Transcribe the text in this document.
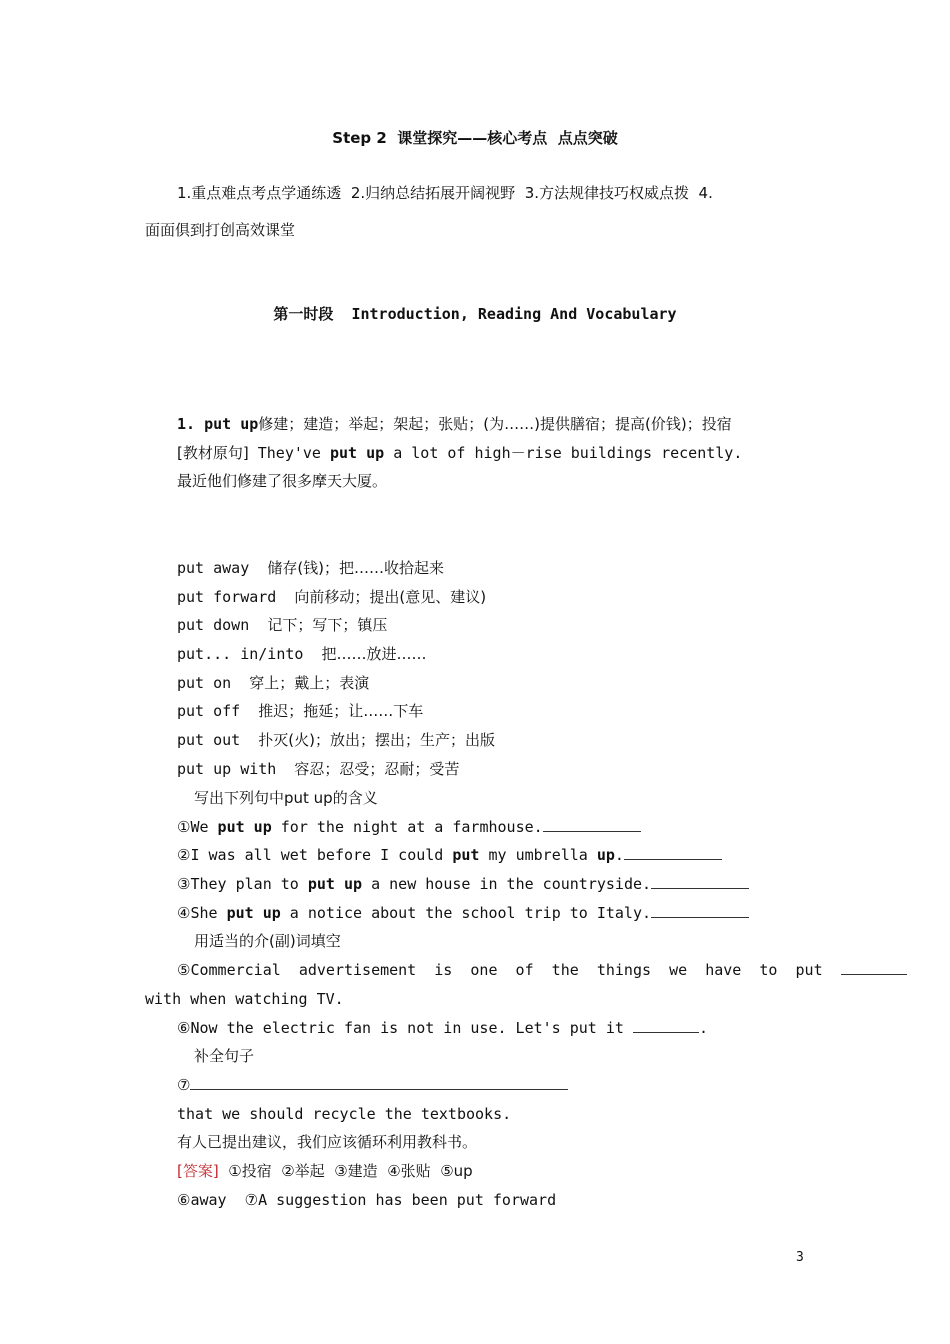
Step 2  课堂探究——核心考点  点点突破
1.重点难点考点学通练透  2.归纳总结拓展开阔视野  3.方法规律技巧权威点拨  4.
面面俱到打创高效课堂
第一时段  Introduction, Reading And Vocabulary
1. put up修建；建造；举起；架起；张贴；(为……)提供膳宿；提高(价钱)；投宿
[教材原句] They've put up a lot of high－rise buildings recently.
最近他们修建了很多摩天大厦。
put away 储存(钱)；把……收拾起来
put forward 向前移动；提出(意见、建议)
put down 记下；写下；镇压
put... in/into 把……放进……
put on 穿上；戴上；表演
put off 推迟；拖延；让……下车
put out 扑灭(火)；放出；摆出；生产；出版
put up with 容忍；忍受；忍耐；受苦
写出下列句中put up的含义
①We put up for the night at a farmhouse.
②I was all wet before I could put my umbrella up.
③They plan to put up a new house in the countryside.
④She put up a notice about the school trip to Italy.
用适当的介(副)词填空
⑤Commercial  advertisement  is  one  of  the  things  we  have  to  put
with when watching TV.
⑥Now the electric fan is not in use. Let's put it	.
补全句子
⑦
that we should recycle the textbooks.
有人已提出建议，我们应该循环利用教科书。
[答案]  ①投宿  ②举起  ③建造  ④张贴  ⑤up
⑥away  ⑦A suggestion has been put forward
3
